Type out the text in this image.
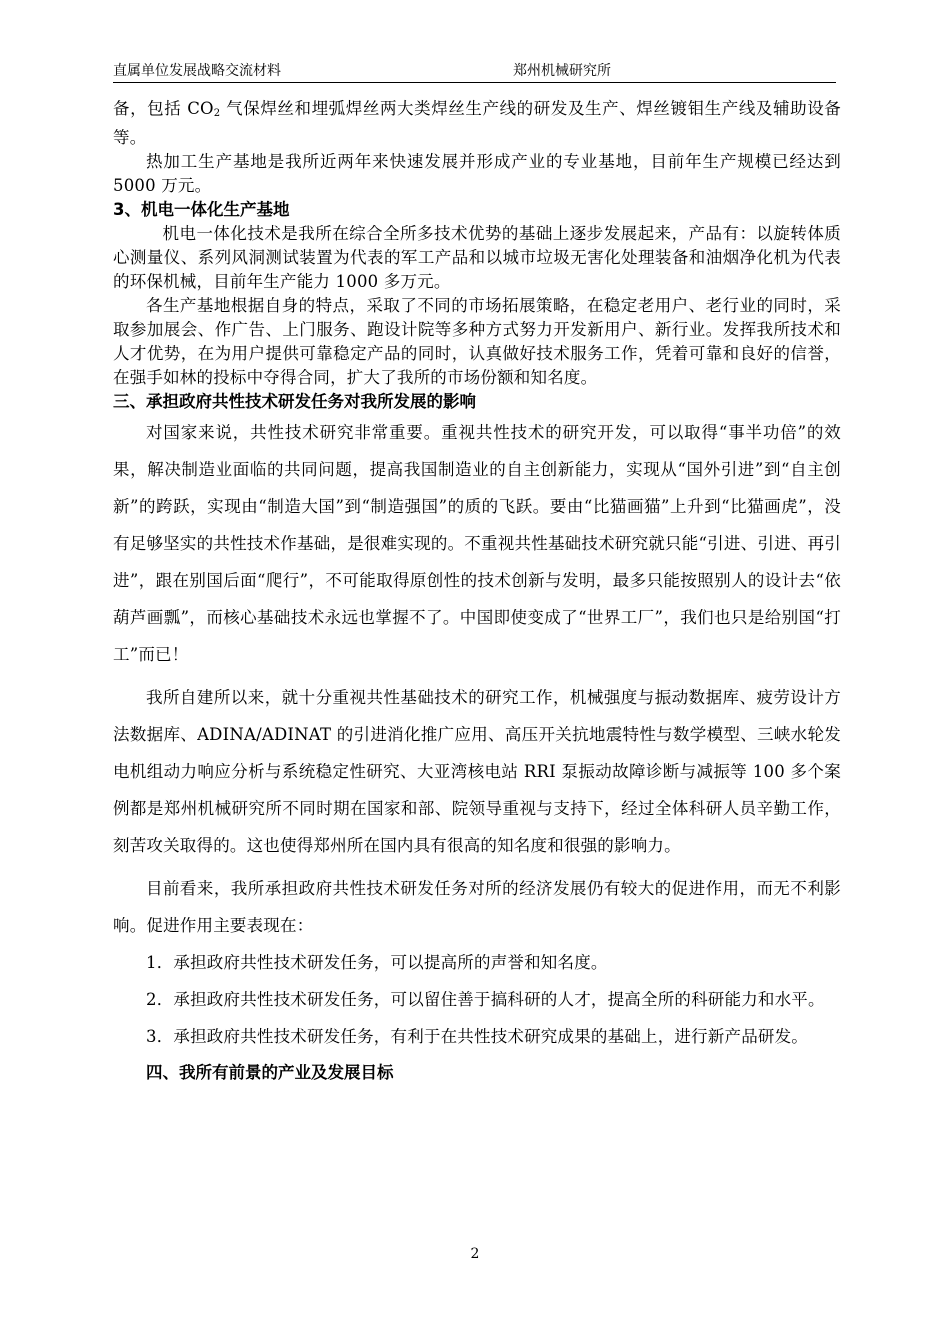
直属单位发展战略交流材料	郑州机械研究所

备，包括 $CO_2$ 气保焊丝和埋弧焊丝两大类焊丝生产线的研发及生产、焊丝镀钼生产线及辅助设备等。

热加工生产基地是我所近两年来快速发展并形成产业的专业基地，目前年生产规模已经达到 5000 万元。

3、机电一体化生产基地

机电一体化技术是我所在综合全所多技术优势的基础上逐步发展起来，产品有：以旋转体质心测量仪、系列风洞测试装置为代表的军工产品和以城市垃圾无害化处理装备和油烟净化机为代表的环保机械，目前年生产能力 1000 多万元。

各生产基地根据自身的特点，采取了不同的市场拓展策略，在稳定老用户、老行业的同时，采取参加展会、作广告、上门服务、跑设计院等多种方式努力开发新用户、新行业。发挥我所技术和人才优势，在为用户提供可靠稳定产品的同时，认真做好技术服务工作，凭着可靠和良好的信誉，在强手如林的投标中夺得合同，扩大了我所的市场份额和知名度。

三、承担政府共性技术研发任务对我所发展的影响

对国家来说，共性技术研究非常重要。重视共性技术的研究开发，可以取得“事半功倍”的效果，解决制造业面临的共同问题，提高我国制造业的自主创新能力，实现从“国外引进”到“自主创新”的跨跃，实现由“制造大国”到“制造强国”的质的飞跃。要由“比猫画猫”上升到“比猫画虎”，没有足够坚实的共性技术作基础，是很难实现的。不重视共性基础技术研究就只能“引进、引进、再引进”，跟在别国后面“爬行”，不可能取得原创性的技术创新与发明，最多只能按照别人的设计去“依葫芦画瓢”，而核心基础技术永远也掌握不了。中国即使变成了“世界工厂”，我们也只是给别国“打工”而已！

我所自建所以来，就十分重视共性基础技术的研究工作，机械强度与振动数据库、疲劳设计方法数据库、ADINA/ADINAT 的引进消化推广应用、高压开关抗地震特性与数学模型、三峡水轮发电机组动力响应分析与系统稳定性研究、大亚湾核电站 RRI 泵振动故障诊断与减振等 100 多个案例都是郑州机械研究所不同时期在国家和部、院领导重视与支持下，经过全体科研人员辛勤工作，刻苦攻关取得的。这也使得郑州所在国内具有很高的知名度和很强的影响力。

目前看来，我所承担政府共性技术研发任务对所的经济发展仍有较大的促进作用，而无不利影响。促进作用主要表现在：

1．承担政府共性技术研发任务，可以提高所的声誉和知名度。

2．承担政府共性技术研发任务，可以留住善于搞科研的人才，提高全所的科研能力和水平。

3．承担政府共性技术研发任务，有利于在共性技术研究成果的基础上，进行新产品研发。

四、我所有前景的产业及发展目标

2
